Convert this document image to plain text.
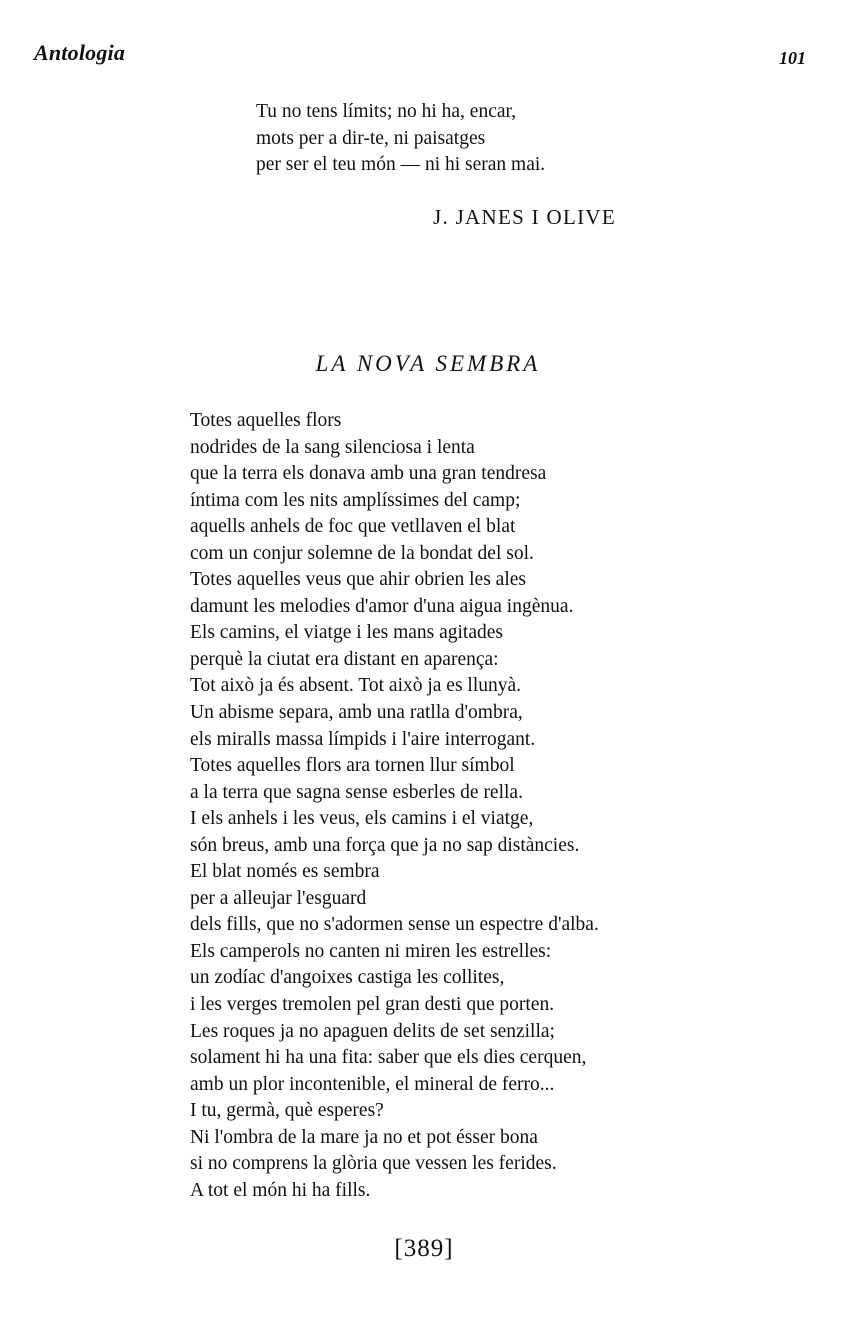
Antologia	101
Tu no tens límits; no hi ha, encar,
mots per a dir-te, ni paisatges
per ser el teu món — ni hi seran mai.
J. JANES I OLIVE
LA NOVA SEMBRA
Totes aquelles flors
nodrides de la sang silenciosa i lenta
que la terra els donava amb una gran tendresa
íntima com les nits amplíssimes del camp;
aquells anhels de foc que vetllaven el blat
com un conjur solemne de la bondat del sol.
Totes aquelles veus que ahir obrien les ales
damunt les melodies d'amor d'una aigua ingènua.
Els camins, el viatge i les mans agitades
perquè la ciutat era distant en aparença:
Tot això ja és absent. Tot això ja es llunyà.
Un abisme separa, amb una ratlla d'ombra,
els miralls massa límpids i l'aire interrogant.
Totes aquelles flors ara tornen llur símbol
a la terra que sagna sense esberles de rella.
I els anhels i les veus, els camins i el viatge,
són breus, amb una força que ja no sap distàncies.
El blat només es sembra
per a alleujar l'esguard
dels fills, que no s'adormen sense un espectre d'alba.
Els camperols no canten ni miren les estrelles:
un zodíac d'angoixes castiga les collites,
i les verges tremolen pel gran desti que porten.
Les roques ja no apaguen delits de set senzilla;
solament hi ha una fita: saber que els dies cerquen,
amb un plor incontenible, el mineral de ferro...
I tu, germà, què esperes?
Ni l'ombra de la mare ja no et pot ésser bona
si no comprens la glòria que vessen les ferides.
A tot el món hi ha fills.
[389]
